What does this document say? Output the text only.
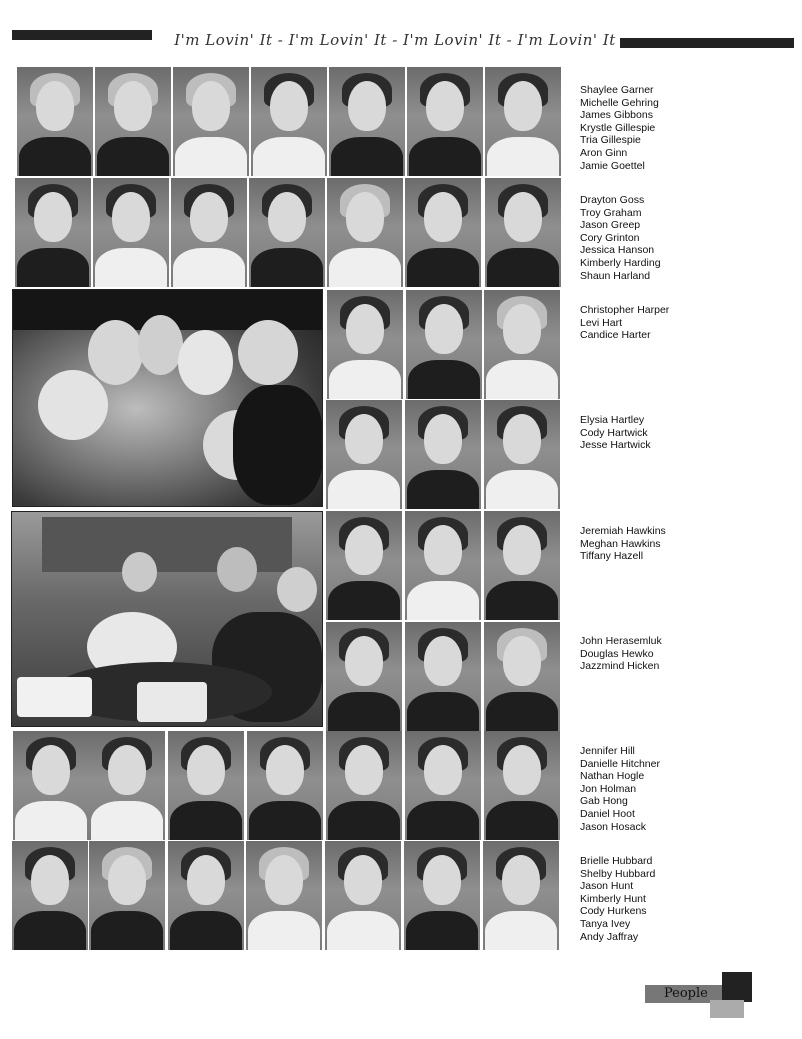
I'm Lovin' It - I'm Lovin' It - I'm Lovin' It - I'm Lovin' It
Shaylee Garner
Michelle Gehring
James Gibbons
Krystle Gillespie
Tria Gillespie
Aron Ginn
Jamie Goettel
Drayton Goss
Troy Graham
Jason Greep
Cory Grinton
Jessica Hanson
Kimberly Harding
Shaun Harland
Christopher Harper
Levi Hart
Candice Harter
Elysia Hartley
Cody Hartwick
Jesse Hartwick
Jeremiah Hawkins
Meghan Hawkins
Tiffany Hazell
John Herasemluk
Douglas Hewko
Jazzmind Hicken
Jennifer Hill
Danielle Hitchner
Nathan Hogle
Jon Holman
Gab Hong
Daniel Hoot
Jason Hosack
Brielle Hubbard
Shelby Hubbard
Jason Hunt
Kimberly Hunt
Cody Hurkens
Tanya Ivey
Andy Jaffray
People
